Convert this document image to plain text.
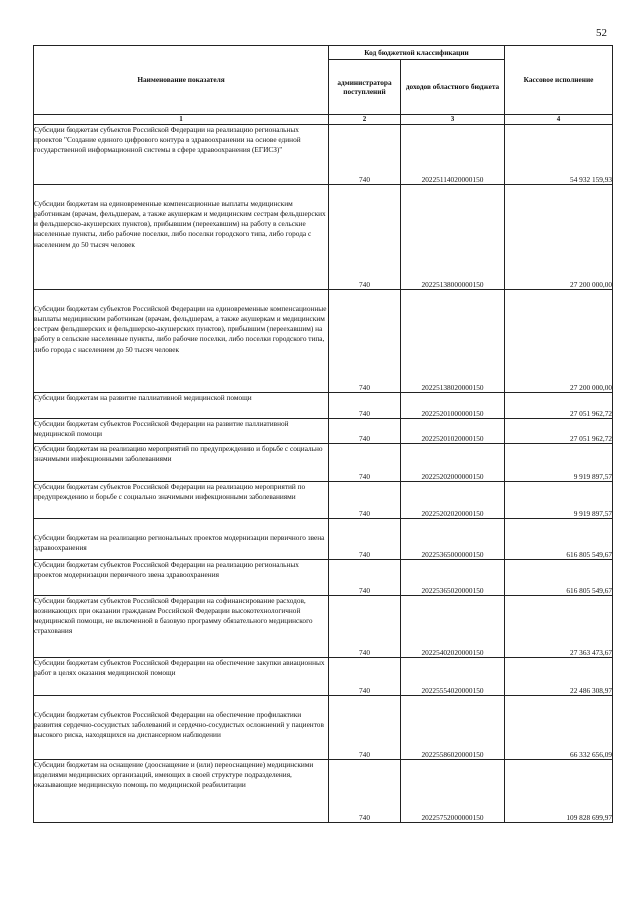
52
Наименование показателя	Код бюджетной классификации		Кассовое исполнение
	администратора поступлений	доходов областного бюджета	
1	2	3	4
Субсидии бюджетам субъектов Российской Федерации на реализацию региональных проектов "Создание единого цифрового контура в здравоохранении на основе единой государственной информационной системы в сфере здравоохранения (ЕГИСЗ)"	740	20225114020000150	54 932 159,93
Субсидии бюджетам на единовременные компенсационные выплаты медицинским работникам (врачам, фельдшерам, а также акушеркам и медицинским сестрам фельдшерских и фельдшерско-акушерских пунктов), прибывшим (переехавшим) на работу в сельские населенные пункты, либо рабочие поселки, либо поселки городского типа, либо города с населением до 50 тысяч человек	740	20225138000000150	27 200 000,00
Субсидии бюджетам субъектов Российской Федерации на единовременные компенсационные выплаты медицинским работникам (врачам, фельдшерам, а также акушеркам и медицинским сестрам фельдшерских и фельдшерско-акушерских пунктов), прибывшим (переехавшим) на работу в сельские населенные пункты, либо рабочие поселки, либо поселки городского типа, либо города с населением до 50 тысяч человек	740	20225138020000150	27 200 000,00
Субсидии бюджетам на развитие паллиативной медицинской помощи	740	20225201000000150	27 051 962,72
Субсидии бюджетам субъектов Российской Федерации на развитие паллиативной медицинской помощи	740	20225201020000150	27 051 962,72
Субсидии бюджетам на реализацию мероприятий по предупреждению и борьбе с социально значимыми инфекционными заболеваниями	740	20225202000000150	9 919 897,57
Субсидии бюджетам субъектов Российской Федерации на реализацию мероприятий по предупреждению и борьбе с социально значимыми инфекционными заболеваниями	740	20225202020000150	9 919 897,57
Субсидии бюджетам на реализацию региональных проектов модернизации первичного звена здравоохранения	740	20225365000000150	616 805 549,67
Субсидии бюджетам субъектов Российской Федерации на реализацию региональных проектов модернизации первичного звена здравоохранения	740	20225365020000150	616 805 549,67
Субсидии бюджетам субъектов Российской Федерации на софинансирование расходов, возникающих при оказании гражданам Российской Федерации высокотехнологичной медицинской помощи, не включенной в базовую программу обязательного медицинского страхования	740	20225402020000150	27 363 473,67
Субсидии бюджетам субъектов Российской Федерации на обеспечение закупки авиационных работ в целях оказания медицинской помощи	740	20225554020000150	22 486 308,97
Субсидии бюджетам субъектов Российской Федерации на обеспечение профилактики развития сердечно-сосудистых заболеваний и сердечно-сосудистых осложнений у пациентов высокого риска, находящихся на диспансерном наблюдении	740	20225586020000150	66 332 656,09
Субсидии бюджетам на оснащение (дооснащение и (или) переоснащение) медицинскими изделиями медицинских организаций, имеющих в своей структуре подразделения, оказывающие медицинскую помощь по медицинской реабилитации	740	20225752000000150	109 828 699,97
